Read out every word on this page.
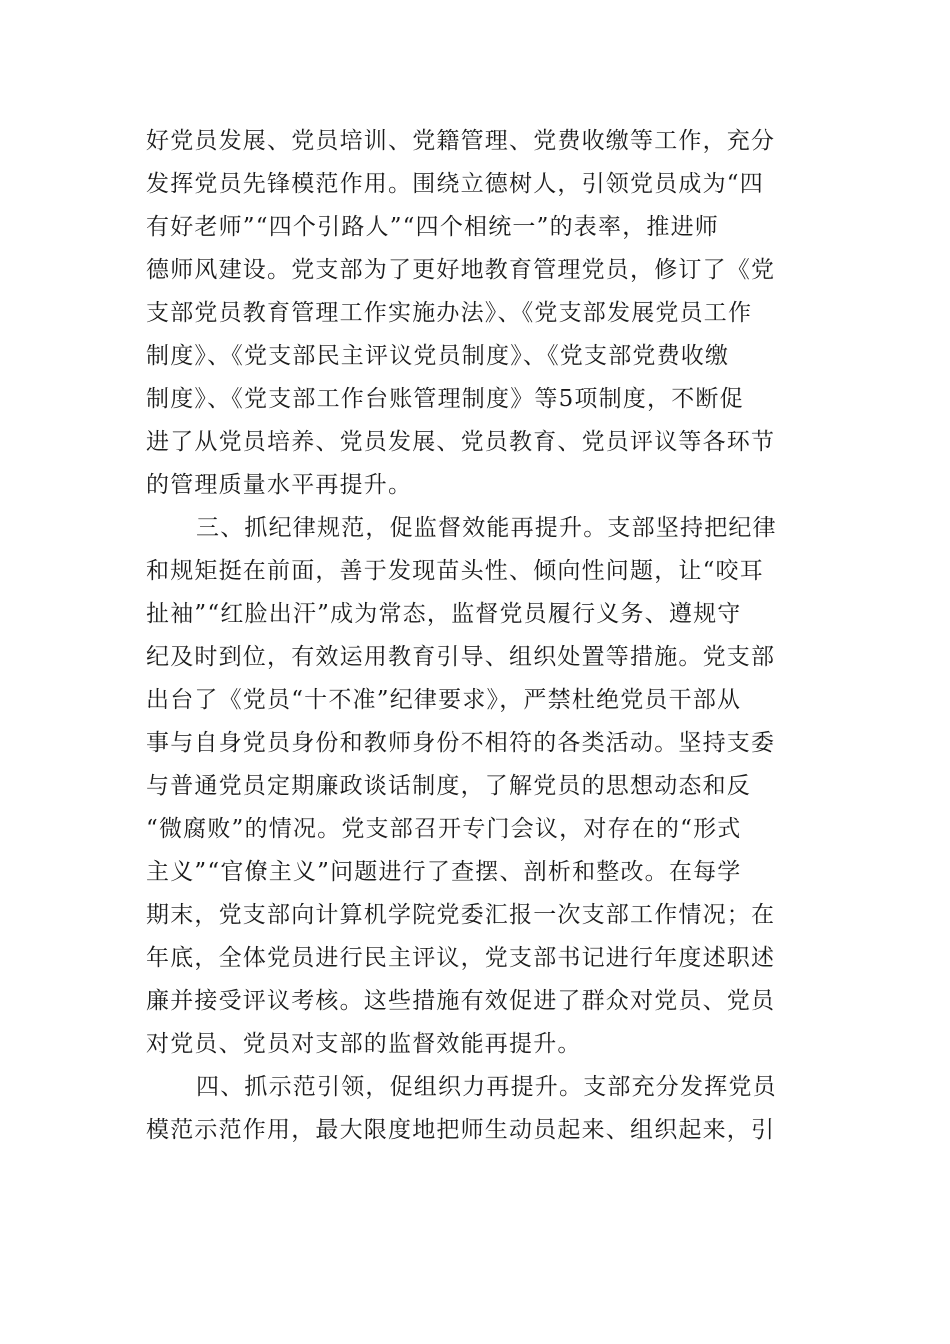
好党员发展、党员培训、党籍管理、党费收缴等工作，充分
发挥党员先锋模范作用。围绕立德树人，引领党员成为“四
有好老师”“四个引路人”“四个相统一”的表率，推进师
德师风建设。党支部为了更好地教育管理党员，修订了《党
支部党员教育管理工作实施办法》、《党支部发展党员工作
制度》、《党支部民主评议党员制度》、《党支部党费收缴
制度》、《党支部工作台账管理制度》等5项制度，不断促
进了从党员培养、党员发展、党员教育、党员评议等各环节
的管理质量水平再提升。
三、抓纪律规范，促监督效能再提升。支部坚持把纪律
和规矩挺在前面，善于发现苗头性、倾向性问题，让“咬耳
扯袖”“红脸出汗”成为常态，监督党员履行义务、遵规守
纪及时到位，有效运用教育引导、组织处置等措施。党支部
出台了《党员“十不准”纪律要求》，严禁杜绝党员干部从
事与自身党员身份和教师身份不相符的各类活动。坚持支委
与普通党员定期廉政谈话制度，了解党员的思想动态和反
“微腐败”的情况。党支部召开专门会议，对存在的“形式
主义”“官僚主义”问题进行了查摆、剖析和整改。在每学
期末，党支部向计算机学院党委汇报一次支部工作情况；在
年底，全体党员进行民主评议，党支部书记进行年度述职述
廉并接受评议考核。这些措施有效促进了群众对党员、党员
对党员、党员对支部的监督效能再提升。
四、抓示范引领，促组织力再提升。支部充分发挥党员
模范示范作用，最大限度地把师生动员起来、组织起来，引
